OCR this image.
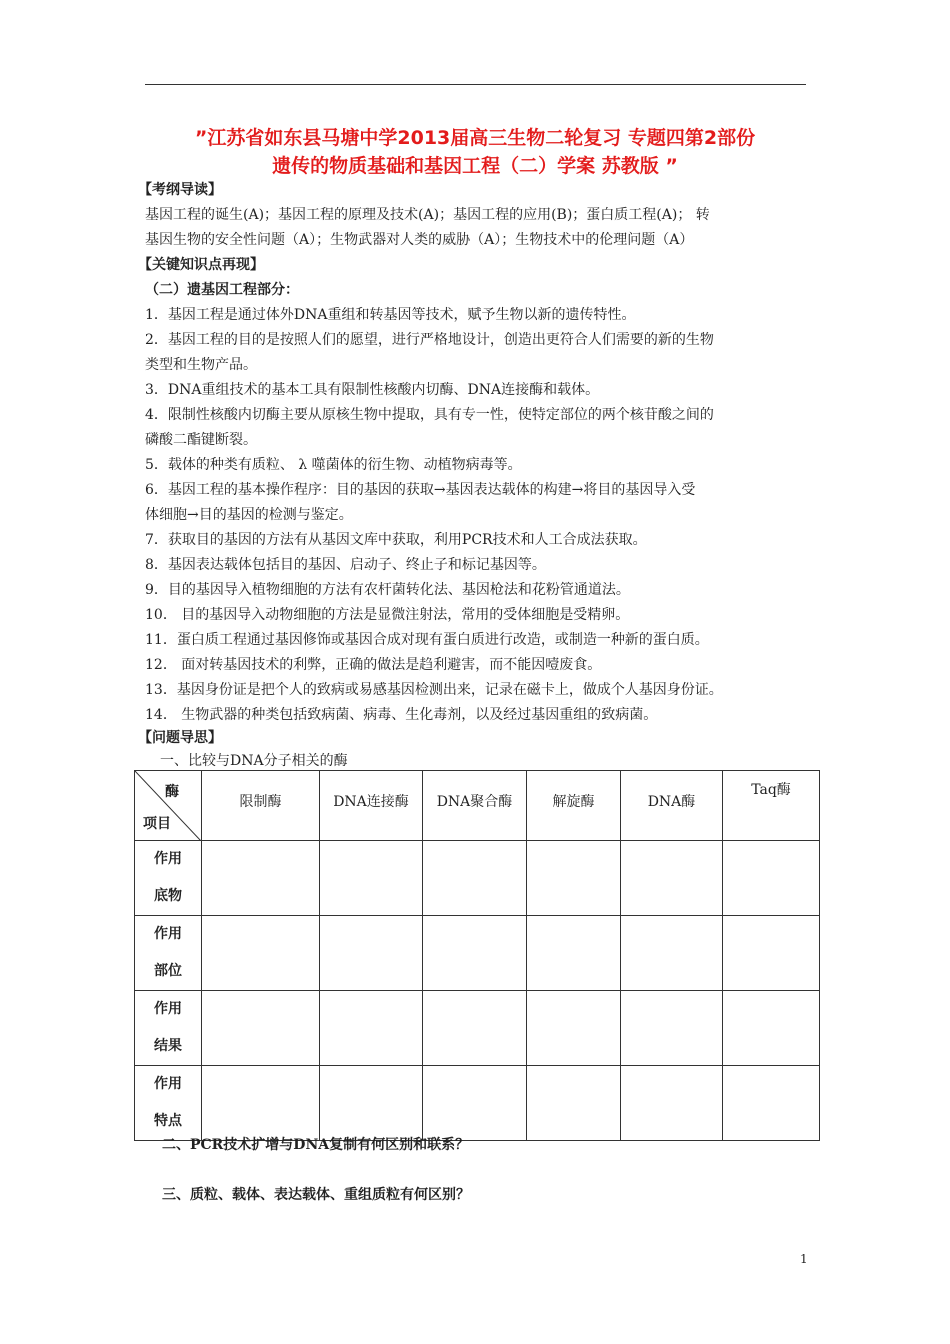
”江苏省如东县马塘中学2013届高三生物二轮复习 专题四第2部份
遗传的物质基础和基因工程（二）学案 苏教版 ”
【考纲导读】
基因工程的诞生(A)；基因工程的原理及技术(A)；基因工程的应用(B)；蛋白质工程(A)； 转
基因生物的安全性问题（A）；生物武器对人类的威胁（A）；生物技术中的伦理问题（A）
【关键知识点再现】
（二）遗基因工程部分：
1．基因工程是通过体外DNA重组和转基因等技术，赋予生物以新的遗传特性。
2．基因工程的目的是按照人们的愿望，进行严格地设计，创造出更符合人们需要的新的生物
类型和生物产品。
3．DNA重组技术的基本工具有限制性核酸内切酶、DNA连接酶和载体。
4．限制性核酸内切酶主要从原核生物中提取，具有专一性，使特定部位的两个核苷酸之间的
磷酸二酯键断裂。
5．载体的种类有质粒、 λ 噬菌体的衍生物、动植物病毒等。
6．基因工程的基本操作程序：目的基因的获取→基因表达载体的构建→将目的基因导入受
体细胞→目的基因的检测与鉴定。
7．获取目的基因的方法有从基因文库中获取，利用PCR技术和人工合成法获取。
8．基因表达载体包括目的基因、启动子、终止子和标记基因等。
9．目的基因导入植物细胞的方法有农杆菌转化法、基因枪法和花粉管通道法。
10． 目的基因导入动物细胞的方法是显微注射法，常用的受体细胞是受精卵。
11．蛋白质工程通过基因修饰或基因合成对现有蛋白质进行改造，或制造一种新的蛋白质。
12． 面对转基因技术的利弊，正确的做法是趋利避害，而不能因噎废食。
13．基因身份证是把个人的致病或易感基因检测出来，记录在磁卡上，做成个人基因身份证。
14． 生物武器的种类包括致病菌、病毒、生化毒剂，以及经过基因重组的致病菌。
【问题导思】
一、比较与DNA分子相关的酶
酶
项目	限制酶	DNA连接酶	DNA聚合酶	解旋酶	DNA酶	Taq酶

作用
底物						

作用
部位						

作用
结果						

作用
特点						

二、PCR技术扩增与DNA复制有何区别和联系？
三、质粒、载体、表达载体、重组质粒有何区别？
1
